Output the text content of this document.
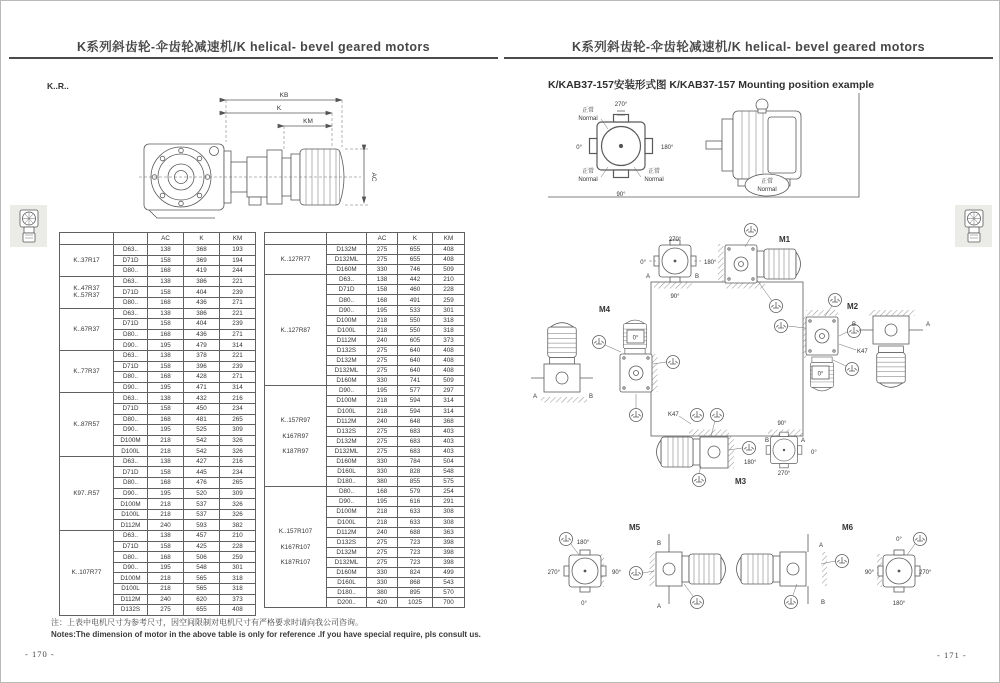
K系列斜齿轮-伞齿轮减速机/K helical- bevel geared motors
K..R..
KB
K
KM
AC
		AC	K	KM

K..37R17	D63..	138	368	193
	D71D	158	369	194
	D80..	168	419	244

K..47R37
K..57R37	D63..	138	386	221
	D71D	158	404	239
	D80..	168	436	271

K..67R37	D63..	138	386	221
	D71D	158	404	239
	D80..	168	436	271
	D90..	195	479	314

K..77R37	D63..	138	378	221
	D71D	158	396	239
	D80..	168	428	271
	D90..	195	471	314

K..87R57	D63..	138	432	216
	D71D	158	450	234
	D80..	168	481	265
	D90..	195	525	309
	D100M	218	542	326
	D100L	218	542	326

K97..R57	D63..	138	427	216
	D71D	158	445	234
	D80..	168	476	265
	D90..	195	520	309
	D100M	218	537	326
	D100L	218	537	326
	D112M	240	593	382

K..107R77	D63..	138	457	210
	D71D	158	425	228
	D80..	168	506	259
	D90..	195	548	301
	D100M	218	565	318
	D100L	218	565	318
	D112M	240	620	373
	D132S	275	655	408
		AC	K	KM

K..127R77	D132M	275	655	408
	D132ML	275	655	408
	D160M	330	746	509

K..127R87	D63..	138	442	210
	D71D	158	460	228
	D80..	168	491	259
	D90..	195	533	301
	D100M	218	550	318
	D100L	218	550	318
	D112M	240	605	373
	D132S	275	640	408
	D132M	275	640	408
	D132ML	275	640	408
	D160M	330	741	509

K..157R97
K167R97
K187R97	D90..	195	577	297
	D100M	218	594	314
	D100L	218	594	314
	D112M	240	648	368
	D132S	275	683	403
	D132M	275	683	403
	D132ML	275	683	403
	D160M	330	784	504
	D160L	330	828	548
	D180..	380	855	575

K..157R107
K167R107
K187R107	D80..	168	579	254
	D90..	195	616	291
	D100M	218	633	308
	D100L	218	633	308
	D112M	240	688	363
	D132S	275	723	398
	D132M	275	723	398
	D132ML	275	723	398
	D160M	330	824	499
	D160L	330	868	543
	D180..	380	895	570
	D200..	420	1025	700
注：上表中电机尺寸为参考尺寸，因空间限制对电机尺寸有严格要求时请向我公司咨询。
Notes:The dimension of motor in the above table is only for reference .If you have special require, pls consult us.
- 170 -
K系列斜齿轮-伞齿轮减速机/K helical- bevel geared motors
K/KAB37-157安装形式图 K/KAB37-157 Mounting position example
270°
0°	180°
90°
正常
Normal
正常
Normal
正常
Normal	正常
Normal
270°
0°	180°
A	B
90°
M1
0°
M2
K47
B	A
0°
M4
A	B
M3
K47
180°
B	A
0°
270°
90°
M5
180°
270°	90°
0°
B
A
A
B
M6
0°
90°	270°
180°
- 171 -
